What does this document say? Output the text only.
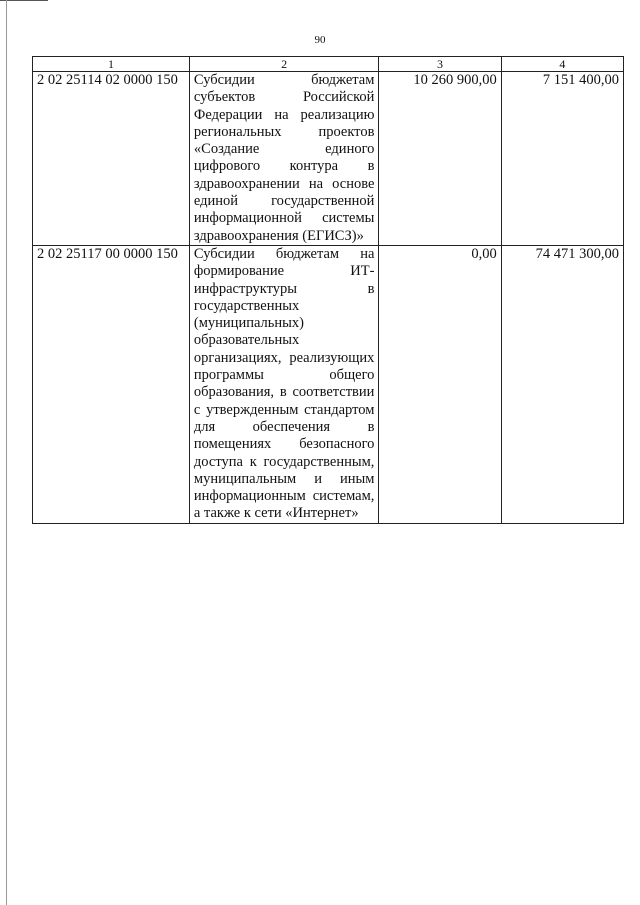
90
1	2	3	4
2 02 25114 02 0000 150	Субсидии бюджетам субъектов Российской Федерации на реализацию региональных проектов «Создание единого цифрового контура в здравоохранении на основе единой государственной информационной системы здравоохранения (ЕГИСЗ)»	10 260 900,00	7 151 400,00
2 02 25117 00 0000 150	Субсидии бюджетам на формирование ИТ-инфраструктуры в государственных (муниципальных) образовательных организациях, реализующих программы общего образования, в соответствии с утвержденным стандартом для обеспечения в помещениях безопасного доступа к государственным, муниципальным и иным информационным системам, а также к сети «Интернет»	0,00	74 471 300,00
